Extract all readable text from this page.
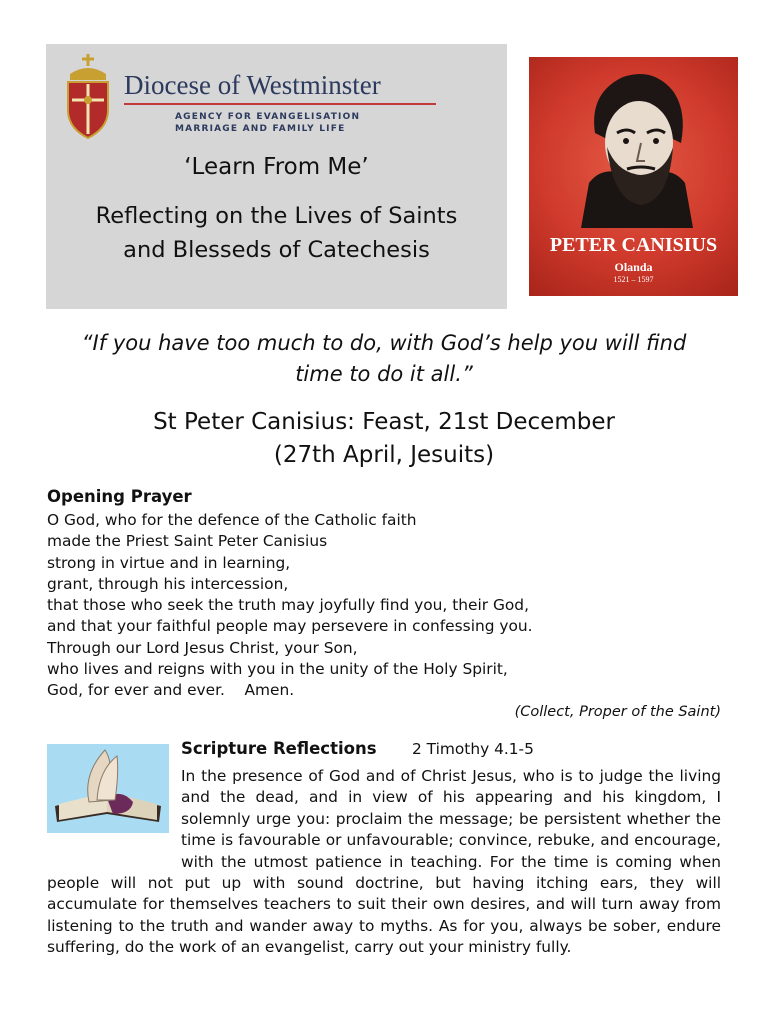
Diocese of Westminster
AGENCY FOR EVANGELISATION
MARRIAGE AND FAMILY LIFE
‘Learn From Me’
Reflecting on the Lives of Saints
and Blesseds of Catechesis	PETER CANISIUS
Olanda
1521 – 1597
“If you have too much to do, with God’s help you will find
time to do it all.”
St Peter Canisius: Feast, 21st December
(27th April, Jesuits)
Opening Prayer
O God, who for the defence of the Catholic faith
made the Priest Saint Peter Canisius
strong in virtue and in learning,
grant, through his intercession,
that those who seek the truth may joyfully find you, their God,
and that your faithful people may persevere in confessing you.
Through our Lord Jesus Christ, your Son,
who lives and reigns with you in the unity of the Holy Spirit,
God, for ever and ever.    Amen.
(Collect, Proper of the Saint)
Scripture Reflections 2 Timothy 4.1-5
In the presence of God and of Christ Jesus, who is to judge the living and the dead, and in view of his appearing and his kingdom, I solemnly urge you: proclaim the message; be persistent whether the time is favourable or unfavourable; convince, rebuke, and encourage, with the utmost patience in teaching. For the time is coming when people will not put up with sound doctrine, but having itching ears, they will accumulate for themselves teachers to suit their own desires, and will turn away from listening to the truth and wander away to myths. As for you, always be sober, endure suffering, do the work of an evangelist, carry out your ministry fully.
